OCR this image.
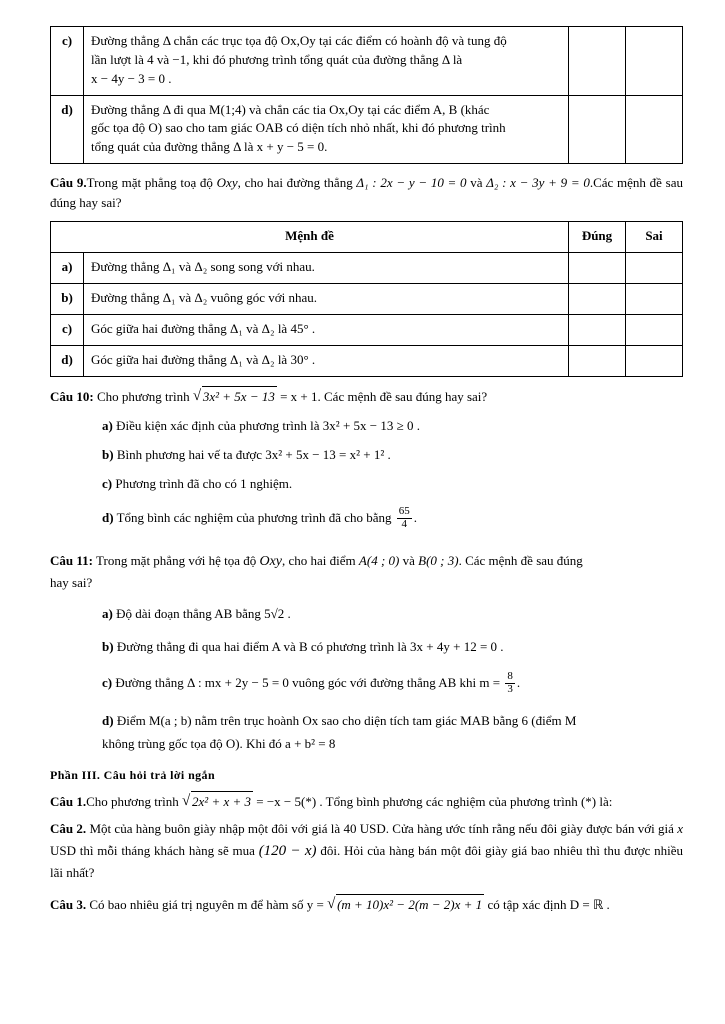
c)	Đường thẳng Δ chắn các trục tọa độ Ox,Oy tại các điểm có hoành độ và tung độ
lần lượt là 4 và −1, khi đó phương trình tổng quát của đường thẳng Δ là
x − 4y − 3 = 0 .		

d)	Đường thẳng Δ đi qua M(1;4) và chắn các tia Ox,Oy tại các điểm A, B (khác
gốc tọa độ O) sao cho tam giác OAB có diện tích nhỏ nhất, khi đó phương trình
tổng quát của đường thẳng Δ là x + y − 5 = 0.		

Câu 9.Trong mặt phẳng toạ độ Oxy, cho hai đường thẳng Δ₁ : 2x − y − 10 = 0 và Δ₂ : x − 3y + 9 = 0.Các mệnh đề sau đúng hay sai?

Mệnh đề		Đúng	Sai
a)	Đường thẳng Δ₁ và Δ₂ song song với nhau.		
b)	Đường thẳng Δ₁ và Δ₂ vuông góc với nhau.		
c)	Góc giữa hai đường thẳng Δ₁ và Δ₂ là 45° .		
d)	Góc giữa hai đường thẳng Δ₁ và Δ₂ là 30° .		

Câu 10: Cho phương trình √ 3x² + 5x − 13 = x + 1. Các mệnh đề sau đúng hay sai?

a) Điều kiện xác định của phương trình là 3x² + 5x − 13 ≥ 0 .

b) Bình phương hai vế ta được 3x² + 5x − 13 = x² + 1² .

c) Phương trình đã cho có 1 nghiệm.

d) Tổng bình các nghiệm của phương trình đã cho bằng $\frac{65}{4}$ .

Câu 11: Trong mặt phẳng với hệ tọa độ Oxy, cho hai điểm A(4 ; 0) và B(0 ; 3). Các mệnh đề sau đúng

hay sai?

a) Độ dài đoạn thẳng AB bằng 5√2 .

b) Đường thẳng đi qua hai điểm A và B có phương trình là 3x + 4y + 12 = 0 .

c) Đường thẳng Δ : mx + 2y − 5 = 0 vuông góc với đường thẳng AB khi $m = \frac{8}{3}$ .

d) Điểm M(a ; b) nằm trên trục hoành Ox sao cho diện tích tam giác MAB bằng 6 (điểm M

không trùng gốc tọa độ O). Khi đó a + b² = 8

Phần III. Câu hỏi trả lời ngắn

Câu 1.Cho phương trình √ 2x² + x + 3 = −x − 5(*) . Tổng bình phương các nghiệm của phương trình (*) là:

Câu 2. Một của hàng buôn giày nhập một đôi với giá là 40 USD. Cửa hàng ước tính rằng nếu đôi giày được bán với giá x USD thì mỗi tháng khách hàng sẽ mua (120 − x) đôi. Hỏi của hàng bán một đôi giày giá bao nhiêu thì thu được nhiều lãi nhất?

Câu 3. Có bao nhiêu giá trị nguyên m để hàm số y = √ (m + 10)x² − 2(m − 2)x + 1 có tập xác định D = ℝ .
